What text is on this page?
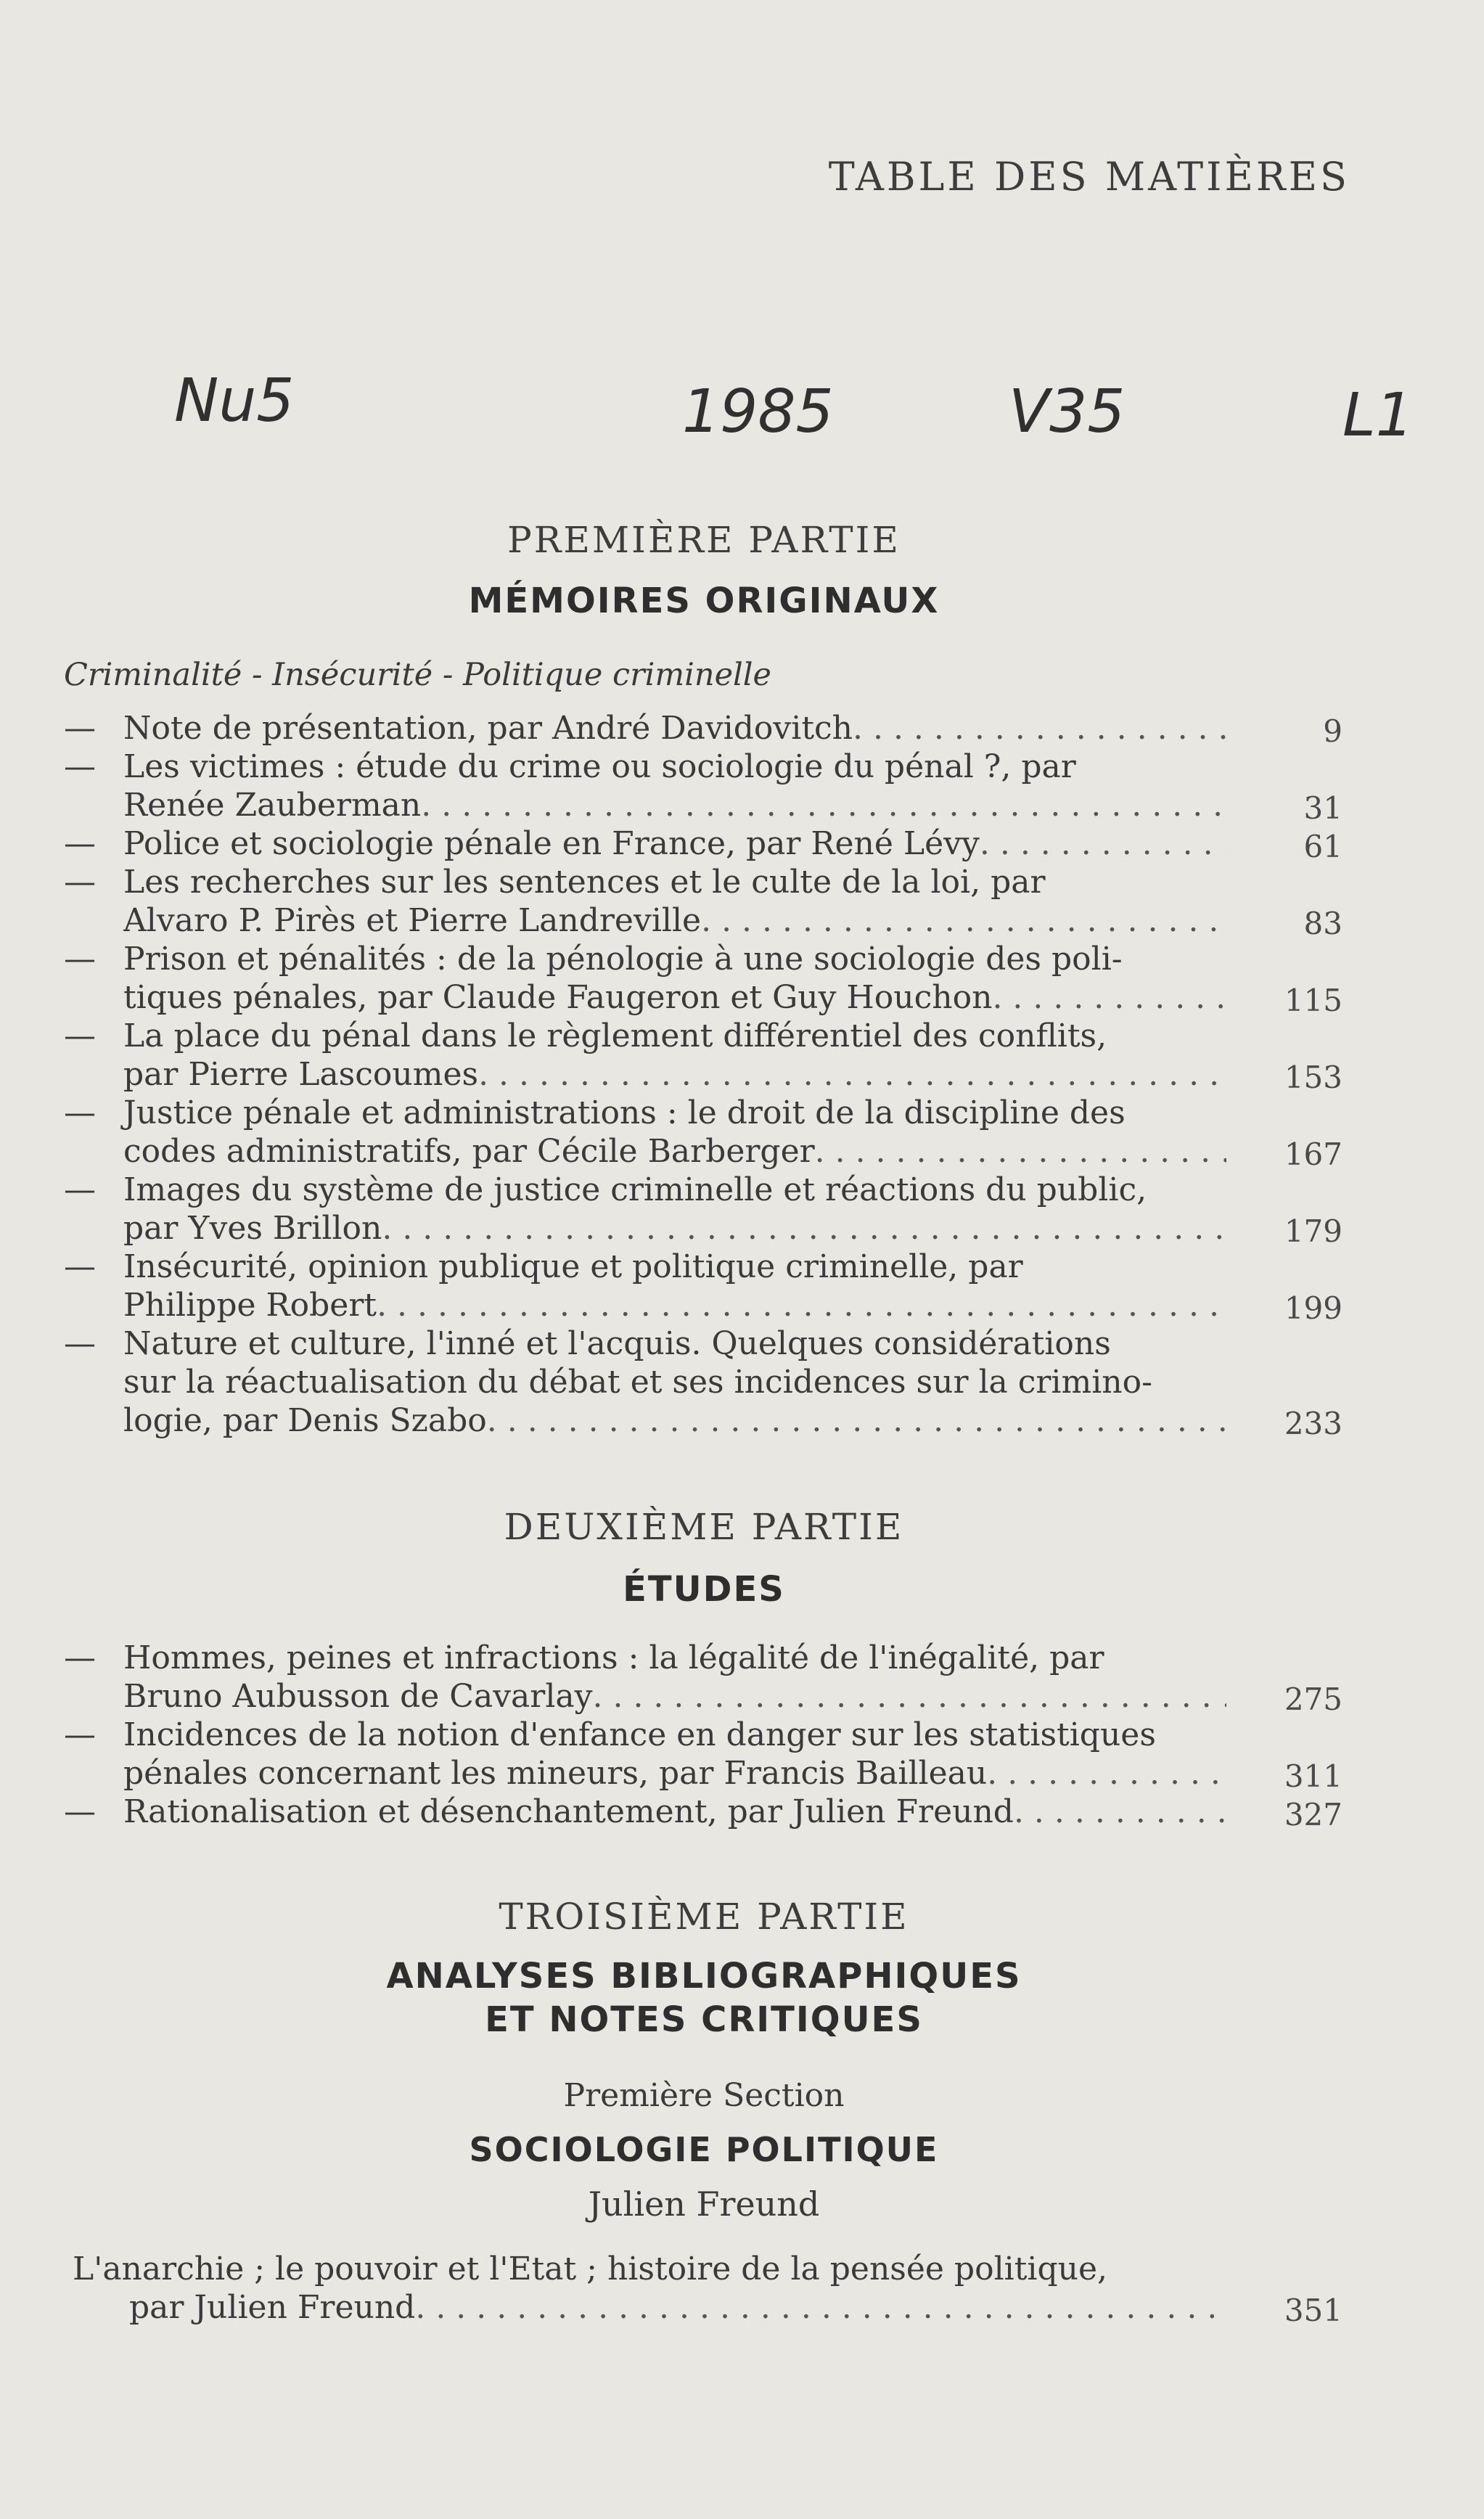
TABLE DES MATIÈRES
Nu5	1985	V35	L1
PREMIÈRE PARTIE
MÉMOIRES ORIGINAUX
Criminalité - Insécurité - Politique criminelle
— Note de présentation, par André Davidovitch . . .	9
— Les victimes : étude du crime ou sociologie du pénal ?, par
Renée Zauberman . . .	31
— Police et sociologie pénale en France, par René Lévy . . .	61
— Les recherches sur les sentences et le culte de la loi, par
Alvaro P. Pirès et Pierre Landreville . . .	83
— Prison et pénalités : de la pénologie à une sociologie des poli-
tiques pénales, par Claude Faugeron et Guy Houchon . . .	115
— La place du pénal dans le règlement différentiel des conflits,
par Pierre Lascoumes . . .	153
— Justice pénale et administrations : le droit de la discipline des
codes administratifs, par Cécile Barberger . . .	167
— Images du système de justice criminelle et réactions du public,
par Yves Brillon . . .	179
— Insécurité, opinion publique et politique criminelle, par
Philippe Robert . . .	199
— Nature et culture, l'inné et l'acquis. Quelques considérations
sur la réactualisation du débat et ses incidences sur la crimino-
logie, par Denis Szabo . . .	233
DEUXIÈME PARTIE
ÉTUDES
— Hommes, peines et infractions : la légalité de l'inégalité, par
Bruno Aubusson de Cavarlay . . .	275
— Incidences de la notion d'enfance en danger sur les statistiques
pénales concernant les mineurs, par Francis Bailleau . . .	311
— Rationalisation et désenchantement, par Julien Freund . . .	327
TROISIÈME PARTIE
ANALYSES BIBLIOGRAPHIQUES
ET NOTES CRITIQUES
Première Section
SOCIOLOGIE POLITIQUE
Julien Freund
L'anarchie ; le pouvoir et l'Etat ; histoire de la pensée politique,
par Julien Freund . . .	351
